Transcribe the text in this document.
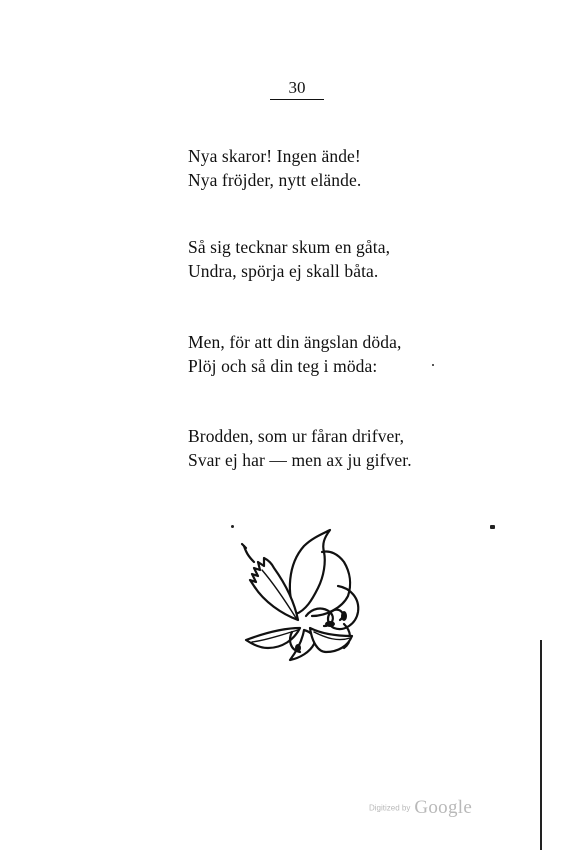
30
Nya skaror! Ingen ände!
Nya fröjder, nytt elände.
Så sig tecknar skum en gåta,
Undra, spörja ej skall båta.
Men, för att din ängslan döda,
Plöj och så din teg i möda:
Brodden, som ur fåran drifver,
Svar ej har — men ax ju gifver.
Digitized by Google
